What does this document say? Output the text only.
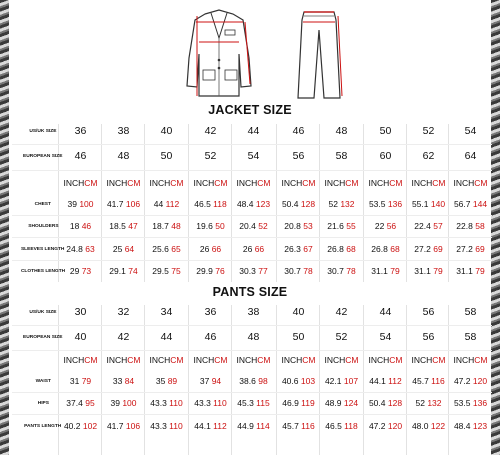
JACKET SIZE
PANTS SIZE
US/UK SIZE	36	38	40	42	44	46	48	50	52	54
EUROPEAN SIZE	46	48	50	52	54	56	58	60	62	64
INCHCM	INCHCM	INCHCM	INCHCM	INCHCM	INCHCM	INCHCM	INCHCM	INCHCM INCHCM
CHEST	39 100	41.7 106	44 112	46.5 118	48.4 123	50.4 128	52 132	53.5 136	55.1 140	56.7 144
SHOULDERS	18 46	18.5 47	18.7 48	19.6 50	20.4 52	20.8 53	21.6 55	22 56	22.4 57	22.8 58
SLEEVES LENGTH 24.8 63	25 64	25.6 65	26 66	26 66	26.3 67	26.8 68	26.8 68	27.2 69	27.2 69
CLOTHES LENGTH 29 73	29.1 74	29.5 75	29.9 76	30.3 77	30.7 78	30.7 78	31.1 79	31.1 79	31.1 79
US/UK SIZE	30	32	34	36	38	40	42	44	56	58
EUROPEAN SIZE	40	42	44	46	48	50	52	54	56	58
INCHCM	INCHCM	INCHCM	INCHCM	INCHCM	INCHCM	INCHCM	INCHCM	INCHCM INCHCM
WAIST	31 79	33 84	35 89	37 94	38.6 98	40.6 103	42.1 107	44.1 112	45.7 116	47.2 120
HIPS	37.4 95	39 100	43.3 110	43.3 110	45.3 115	46.9 119	48.9 124	50.4 128	52 132	53.5 136
PANTS LENGTH 40.2 102	41.7 106	43.3 110	44.1 112	44.9 114	45.7 116	46.5 118	47.2 120	48.0 122	48.4 123
